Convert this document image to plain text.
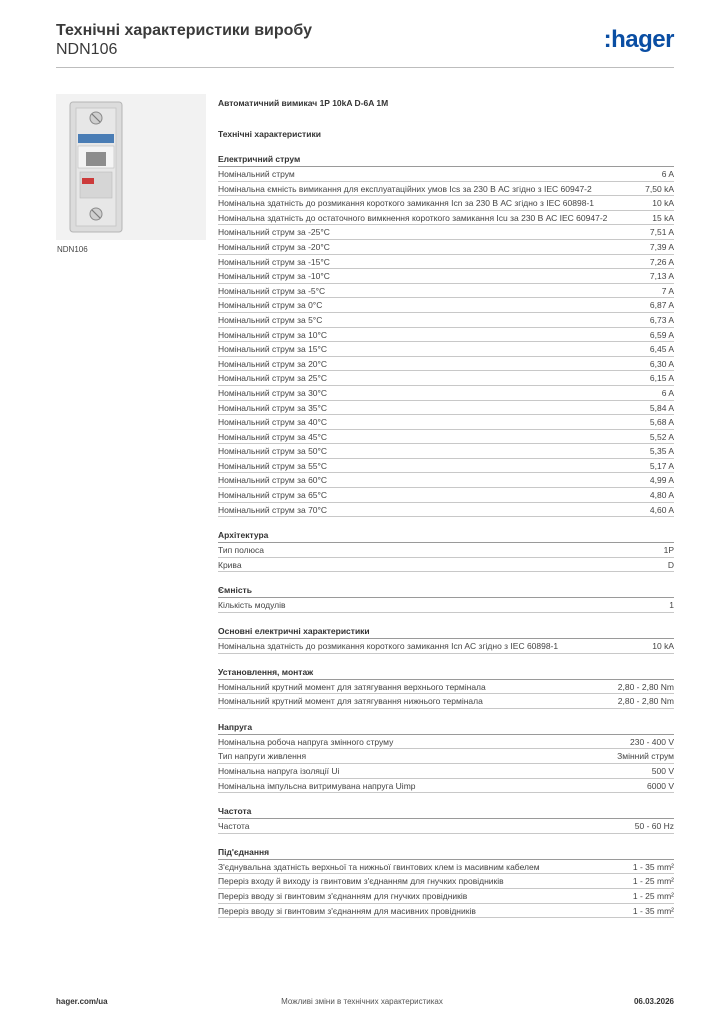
Технічні характеристики виробу
NDN106	:hager
NDN106
Автоматичний вимикач 1P 10kA D-6A 1M
Технічні характеристики
Електричний струм
Номінальний струм	6 A
Номінальна ємність вимикання для експлуатаційних умов Ics за 230 В АС згідно з IEC 60947-2	7,50 kA
Номінальна здатність до розмикання короткого замикання Icn за 230 В АС згідно з IEC 60898-1	10 kA
Номінальна здатність до остаточного вимкнення короткого замикання Icu за 230 В АС IEC 60947-2	15 kA
Номінальний струм за -25°C	7,51 A
Номінальний струм за -20°C	7,39 A
Номінальний струм за -15°C	7,26 A
Номінальний струм за -10°C	7,13 A
Номінальний струм за -5°C	7 A
Номінальний струм за 0°C	6,87 A
Номінальний струм за 5°C	6,73 A
Номінальний струм за 10°C	6,59 A
Номінальний струм за 15°C	6,45 A
Номінальний струм за 20°C	6,30 A
Номінальний струм за 25°C	6,15 A
Номінальний струм за 30°C	6 A
Номінальний струм за 35°C	5,84 A
Номінальний струм за 40°C	5,68 A
Номінальний струм за 45°C	5,52 A
Номінальний струм за 50°C	5,35 A
Номінальний струм за 55°C	5,17 A
Номінальний струм за 60°C	4,99 A
Номінальний струм за 65°C	4,80 A
Номінальний струм за 70°C	4,60 A
Архітектура
Тип полюса	1P
Крива	D
Ємність
Кількість модулів	1
Основні електричні характеристики
Номінальна здатність до розмикання короткого замикання Icn AC згідно з IEC 60898-1	10 kA
Установлення, монтаж
Номінальний крутний момент для затягування верхнього термінала	2,80 - 2,80 Nm
Номінальний крутний момент для затягування нижнього термінала	2,80 - 2,80 Nm
Напруга
Номінальна робоча напруга змінного струму	230 - 400 V
Тип напруги живлення	Змінний струм
Номінальна напруга ізоляції Ui	500 V
Номінальна імпульсна витримувана напруга Uimp	6000 V
Частота
Частота	50 - 60 Hz
Під'єднання
З'єднувальна здатність верхньої та нижньої гвинтових клем із масивним кабелем	1 - 35 mm²
Переріз входу й виходу із гвинтовим з'єднанням для гнучких провідників	1 - 25 mm²
Переріз вводу зі гвинтовим з'єднанням для гнучких провідників	1 - 25 mm²
Переріз вводу зі гвинтовим з'єднанням для масивних провідників	1 - 35 mm²
hager.com/ua	Можливі зміни в технічних характеристиках	06.03.2026
